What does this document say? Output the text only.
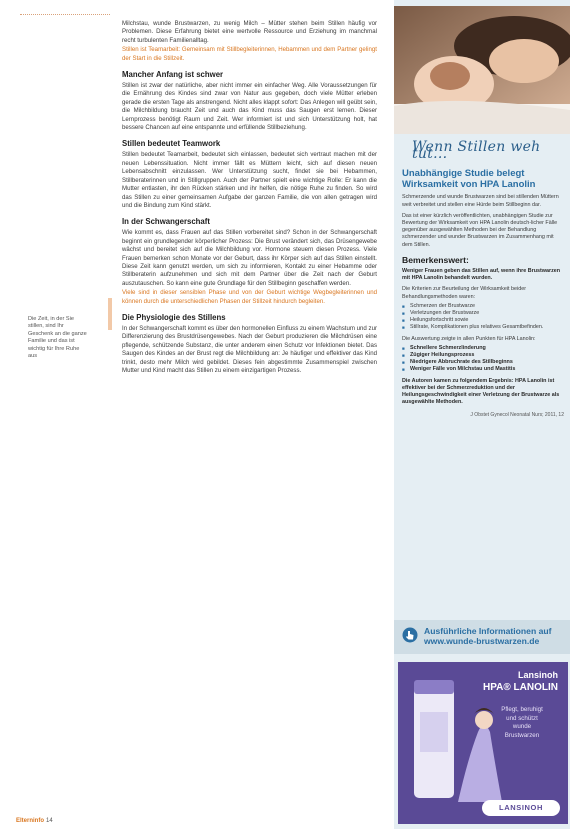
Die Zeit, in der Sie stillen, sind Ihr Geschenk an die ganze Familie und das ist wichtig für Ihre Ruhe aus

Milchstau, wunde Brustwarzen, zu wenig Milch – Mütter stehen beim Stillen häufig vor Problemen. Diese Erfahrung bietet eine wertvolle Ressource und Erziehung im manchmal recht turbulenten Familienalltag.

Stillen ist Teamarbeit: Gemeinsam mit Stillbegleiterinnen, Hebammen und dem Partner gelingt der Start in die Stillzeit.

Mancher Anfang ist schwer

Stillen ist zwar der natürliche, aber nicht immer ein einfacher Weg. Alle Voraussetzungen für die Ernährung des Kindes sind zwar von Natur aus gegeben, doch viele Mütter erleben gerade die ersten Tage als anstrengend. Nicht alles klappt sofort: Das Anlegen will geübt sein, die Milchbildung braucht Zeit und auch das Kind muss das Saugen erst lernen. Dieser Lernprozess benötigt Raum und Zeit. Wer informiert ist und sich Unterstützung holt, hat bessere Chancen auf eine entspannte und erfüllende Stillbeziehung.

Stillen bedeutet Teamwork

Stillen bedeutet Teamarbeit, bedeutet sich einlassen, bedeutet sich vertraut machen mit der neuen Lebenssituation. Nicht immer fällt es Müttern leicht, sich auf diesen neuen Lebensabschnitt einzulassen. Wer Unterstützung sucht, findet sie bei Hebammen, Stillberaterinnen und in Stillgruppen. Auch der Partner spielt eine wichtige Rolle: Er kann die Mutter entlasten, ihr den Rücken stärken und ihr helfen, die nötige Ruhe zu finden. So wird das Stillen zu einer gemeinsamen Aufgabe der ganzen Familie, die von allen getragen wird und die Bindung zum Kind stärkt.

In der Schwangerschaft

Wie kommt es, dass Frauen auf das Stillen vorbereitet sind? Schon in der Schwangerschaft beginnt ein grundlegender körperlicher Prozess: Die Brust verändert sich, das Drüsengewebe wächst und bereitet sich auf die Milchbildung vor. Hormone steuern diesen Prozess. Viele Frauen bemerken schon Monate vor der Geburt, dass ihr Körper sich auf das Stillen einstellt. Diese Zeit kann genutzt werden, um sich zu informieren, Kontakt zu einer Hebamme oder Stillberaterin aufzunehmen und sich mit dem Partner über die Zeit nach der Geburt auszutauschen. So kann eine gute Grundlage für den Stillbeginn geschaffen werden.

Viele sind in dieser sensiblen Phase und von der Geburt wichtige Wegbegleiterinnen und können durch die unterschiedlichen Phasen der Stillzeit hindurch begleiten.

Die Physiologie des Stillens

In der Schwangerschaft kommt es über den hormonellen Einfluss zu einem Wachstum und zur Differenzierung des Brustdrüsengewebes. Nach der Geburt produzieren die Milchdrüsen eine pflegende, schützende Substanz, die unter anderem einen Schutz vor Infektionen bietet. Das Saugen des Kindes an der Brust regt die Milchbildung an: Je häufiger und effektiver das Kind trinkt, desto mehr Milch wird gebildet. Dieses fein abgestimmte Zusammenspiel zwischen Mutter und Kind macht das Stillen zu einem einzigartigen Prozess.

Wenn Stillen weh tut...
Unabhängige Studie belegt
Wirksamkeit von HPA Lanolin

Schmerzende und wunde Brustwarzen sind bei stillenden Müttern weit verbreitet und stellen eine Hürde beim Stillbeginn dar.

Das ist einer kürzlich veröffentlichten, unabhängigen Studie zur Bewertung der Wirksamkeit von HPA Lanolin deutsch-licher Fälle gegenüber ausgewählten Methoden bei der Behandlung schmerzender und wunder Brustwarzen im Zusammenhang mit dem Stillen.

Bemerkenswert:

Weniger Frauen geben das Stillen auf, wenn ihre Brustwarzen mit HPA Lanolin behandelt wurden.

Die Kriterien zur Beurteilung der Wirksamkeit beider Behandlungsmethoden waren:

■ Schmerzen der Brustwarze
■ Verletzungen der Brustwarze
■ Heilungsfortschritt sowie
■ Stillrate, Komplikationen plus relatives Gesamtbefinden.

Die Auswertung zeigte in allen Punkten für HPA Lanolin:

■ Schnellere Schmerzlinderung
■ Zügiger Heilungsprozess
■ Niedrigere Abbruchrate des Stillbeginns
■ Weniger Fälle von Milchstau und Mastitis

Die Autoren kamen zu folgendem Ergebnis: HPA Lanolin ist effektiver bei der Schmerzreduktion und der Heilungsgeschwindigkeit einer Verletzung der Brustwarze als ausgewählte Methoden.

J Obstet Gynecol Neonatal Nurs; 2011, 12
Ausführliche Informationen auf
www.wunde-brustwarzen.de
Lansinoh
HPA® LANOLIN
Pflegt, beruhigt
und schützt
wunde
Brustwarzen
LANSINOH
Elterninfo 14
